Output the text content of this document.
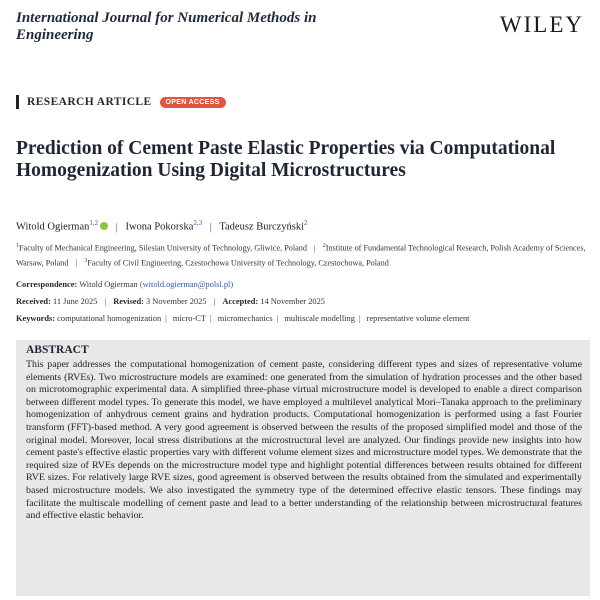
International Journal for Numerical Methods in Engineering	WILEY
RESEARCH ARTICLE	OPEN ACCESS
Prediction of Cement Paste Elastic Properties via Computational Homogenization Using Digital Microstructures
Witold Ogierman$^{1,2}$ | Iwona Pokorska$^{2,3}$ | Tadeusz Burczyński$^2$
$^1$Faculty of Mechanical Engineering, Silesian University of Technology, Gliwice, Poland | $^2$Institute of Fundamental Technological Research, Polish Academy of Sciences, Warsaw, Poland | $^3$Faculty of Civil Engineering, Czestochowa University of Technology, Czestochowa, Poland
Correspondence: Witold Ogierman (witold.ogierman@polsl.pl)
Received: 11 June 2025 | Revised: 3 November 2025 | Accepted: 14 November 2025
Keywords: computational homogenization | micro-CT | micromechanics | multiscale modelling | representative volume element
ABSTRACT

This paper addresses the computational homogenization of cement paste, considering different types and sizes of representative volume elements (RVEs). Two microstructure models are examined: one generated from the simulation of hydration processes and the other based on microtomographic experimental data. A simplified three-phase virtual microstructure model is developed to enable a direct comparison between different model types. To generate this model, we have employed a multilevel analytical Mori–Tanaka approach to the preliminary homogenization of anhydrous cement grains and hydration products. Computational homogenization is performed using a fast Fourier transform (FFT)-based method. A very good agreement is observed between the results of the proposed simplified model and those of the original model. Moreover, local stress distributions at the microstructural level are analyzed. Our findings provide new insights into how cement paste's effective elastic properties vary with different volume element sizes and microstructure model types. We demonstrate that the required size of RVEs depends on the microstructure model type and highlight potential differences between results obtained for different RVE sizes. For relatively large RVE sizes, good agreement is observed between the results obtained from the simulated and experimentally based microstructure models. We also investigated the symmetry type of the determined effective elastic tensors. These findings may facilitate the multiscale modelling of cement paste and lead to a better understanding of the relationship between microstructural features and effective elastic behavior.
